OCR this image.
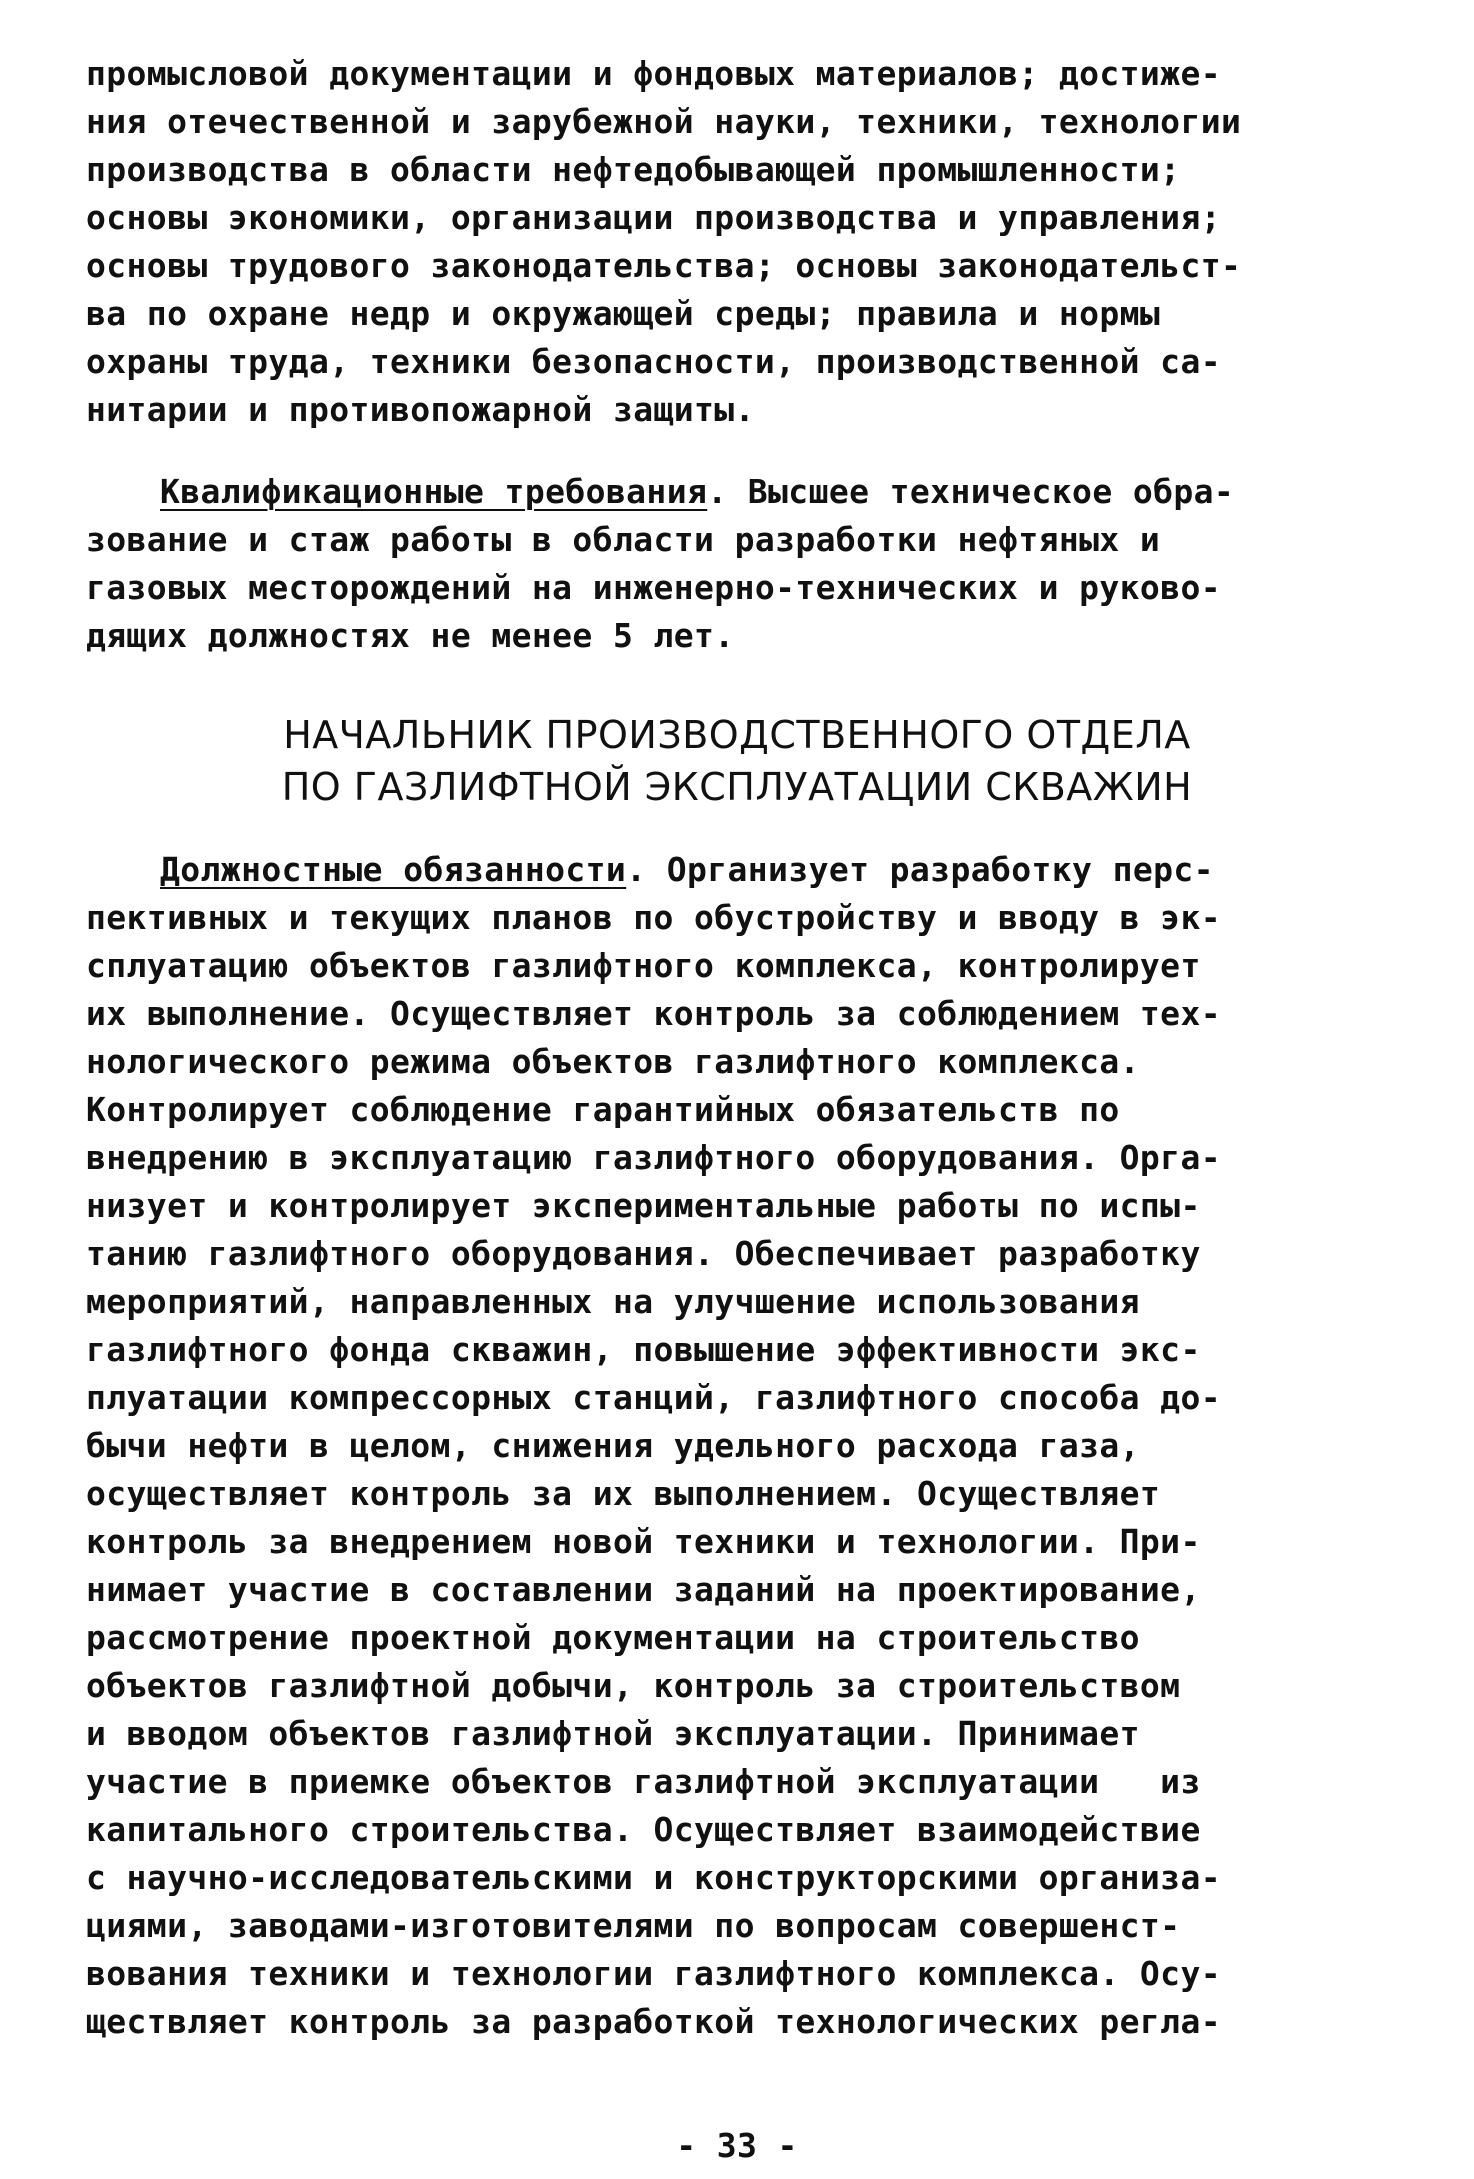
промысловой документации и фондовых материалов; достиже-
ния отечественной и зарубежной науки, техники, технологии
производства в области нефтедобывающей промышленности;
основы экономики, организации производства и управления;
основы трудового законодательства; основы законодательст-
ва по охране недр и окружающей среды; правила и нормы
охраны труда, техники безопасности, производственной са-
нитарии и противопожарной защиты.
Квалификационные требования. Высшее техническое обра-
зование и стаж работы в области разработки нефтяных и
газовых месторождений на инженерно-технических и руково-
дящих должностях не менее 5 лет.
НАЧАЛЬНИК ПРОИЗВОДСТВЕННОГО ОТДЕЛА
ПО ГАЗЛИФТНОЙ ЭКСПЛУАТАЦИИ СКВАЖИН
Должностные обязанности. Организует разработку перс-
пективных и текущих планов по обустройству и вводу в эк-
сплуатацию объектов газлифтного комплекса, контролирует
их выполнение. Осуществляет контроль за соблюдением тех-
нологического режима объектов газлифтного комплекса.
Контролирует соблюдение гарантийных обязательств по
внедрению в эксплуатацию газлифтного оборудования. Орга-
низует и контролирует экспериментальные работы по испы-
танию газлифтного оборудования. Обеспечивает разработку
мероприятий, направленных на улучшение использования
газлифтного фонда скважин, повышение эффективности экс-
плуатации компрессорных станций, газлифтного способа до-
бычи нефти в целом, снижения удельного расхода газа,
осуществляет контроль за их выполнением. Осуществляет
контроль за внедрением новой техники и технологии. При-
нимает участие в составлении заданий на проектирование,
рассмотрение проектной документации на строительство
объектов газлифтной добычи, контроль за строительством
и вводом объектов газлифтной эксплуатации. Принимает
участие в приемке объектов газлифтной эксплуатации   из
капитального строительства. Осуществляет взаимодействие
с научно-исследовательскими и конструкторскими организа-
циями, заводами-изготовителями по вопросам совершенст-
вования техники и технологии газлифтного комплекса. Осу-
ществляет контроль за разработкой технологических регла-
- 33 -
